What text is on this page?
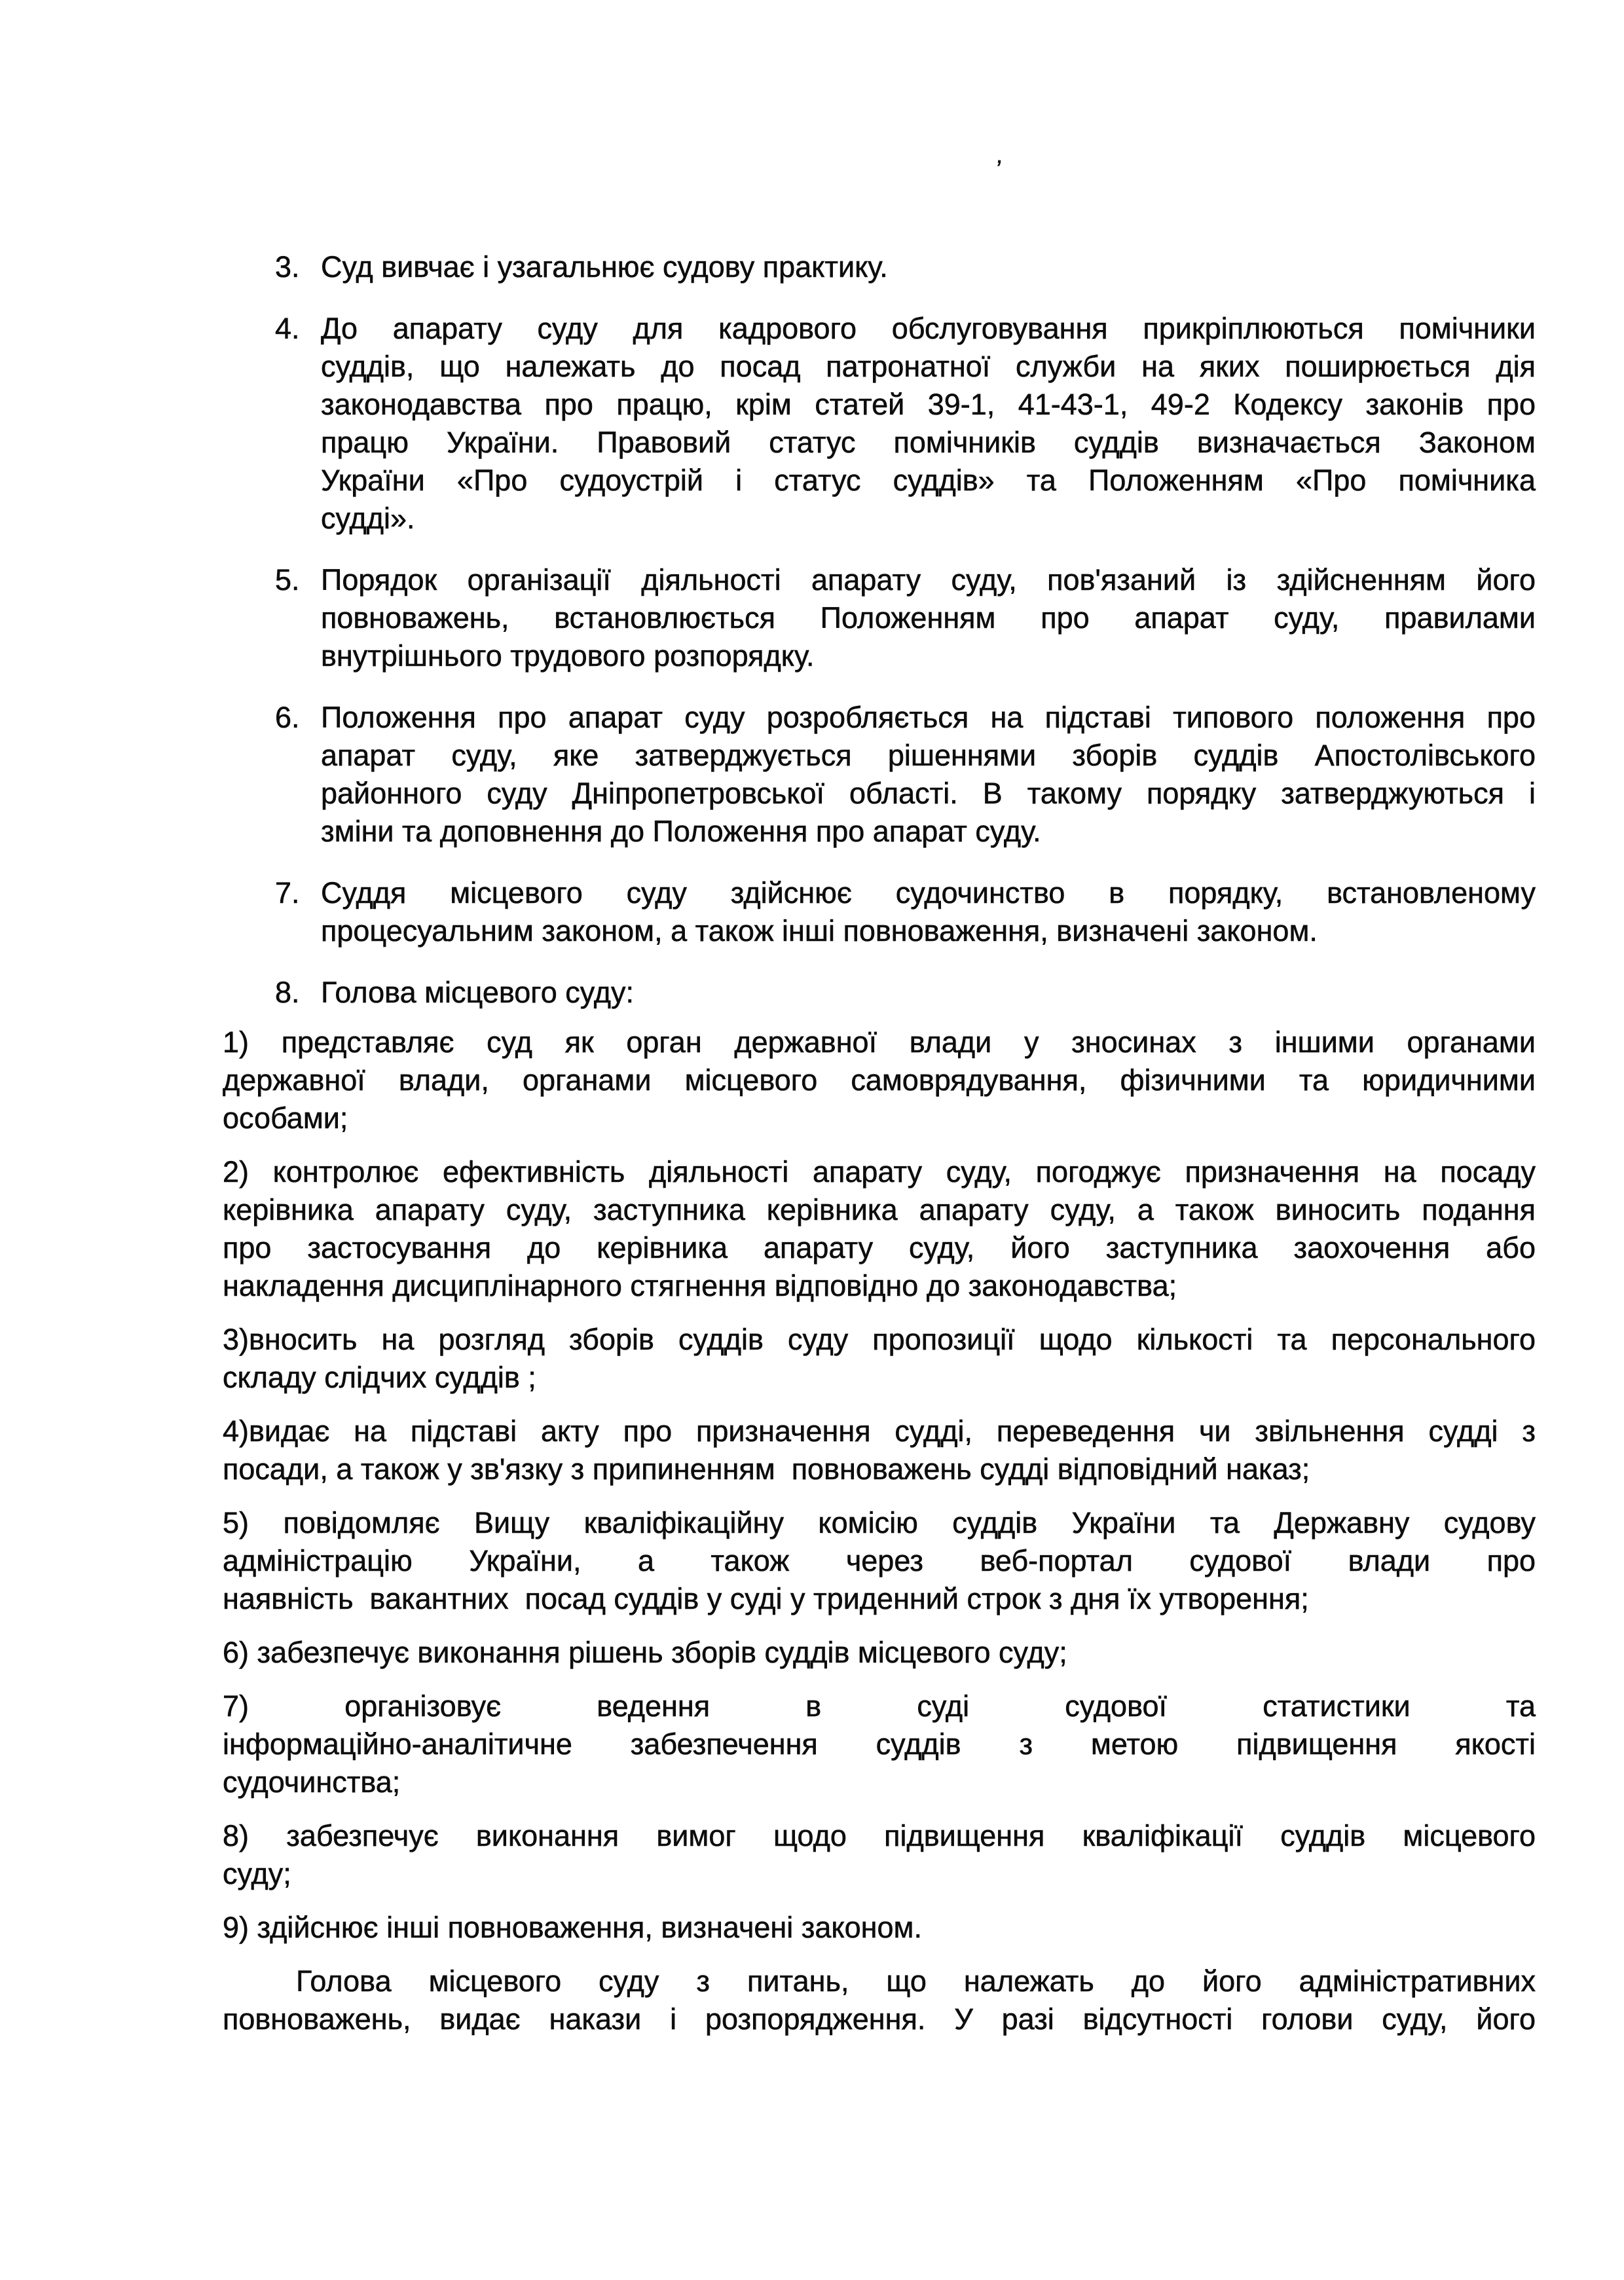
’
3. Суд вивчає і узагальнює судову практику.
4. До апарату суду для кадрового обслуговування прикріплюються помічники
суддів, що належать до посад патронатної служби на яких поширюється дія
законодавства про працю, крім статей 39-1, 41-43-1, 49-2 Кодексу законів про
працю України. Правовий статус помічників суддів визначається Законом
України «Про судоустрій і статус суддів» та Положенням «Про помічника
судді».
5. Порядок організації діяльності апарату суду, пов'язаний із здійсненням його
повноважень, встановлюється Положенням про апарат суду, правилами
внутрішнього трудового розпорядку.
6. Положення про апарат суду розробляється на підставі типового положення про
апарат суду, яке затверджується рішеннями зборів суддів Апостолівського
районного суду Дніпропетровської області. В такому порядку затверджуються і
зміни та доповнення до Положення про апарат суду.
7. Суддя місцевого суду здійснює судочинство в порядку, встановленому
процесуальним законом, а також інші повноваження, визначені законом.
8. Голова місцевого суду:
1) представляє суд як орган державної влади у зносинах з іншими органами
державної влади, органами місцевого самоврядування, фізичними та юридичними
особами;
2) контролює ефективність діяльності апарату суду, погоджує призначення на посаду
керівника апарату суду, заступника керівника апарату суду, а також виносить подання
про застосування до керівника апарату суду, його заступника заохочення або
накладення дисциплінарного стягнення відповідно до законодавства;
3)вносить на розгляд зборів суддів суду пропозиції щодо кількості та персонального
складу слідчих суддів ;
4)видає на підставі акту про призначення судді, переведення чи звільнення судді з
посади, а також у зв'язку з припиненням  повноважень судді відповідний наказ;
5) повідомляє Вищу кваліфікаційну комісію суддів України та Державну судову
адміністрацію України, а також через веб-портал судової влади про
наявність  вакантних  посад суддів у суді у триденний строк з дня їх утворення;
6) забезпечує виконання рішень зборів суддів місцевого суду;
7) організовує ведення в суді судової статистики та
інформаційно-аналітичне забезпечення суддів з метою підвищення якості
судочинства;
8) забезпечує виконання вимог щодо підвищення кваліфікації суддів місцевого
суду;
9) здійснює інші повноваження, визначені законом.
Голова місцевого суду з питань, що належать до його адміністративних
повноважень, видає накази і розпорядження. У разі відсутності голови суду, його
